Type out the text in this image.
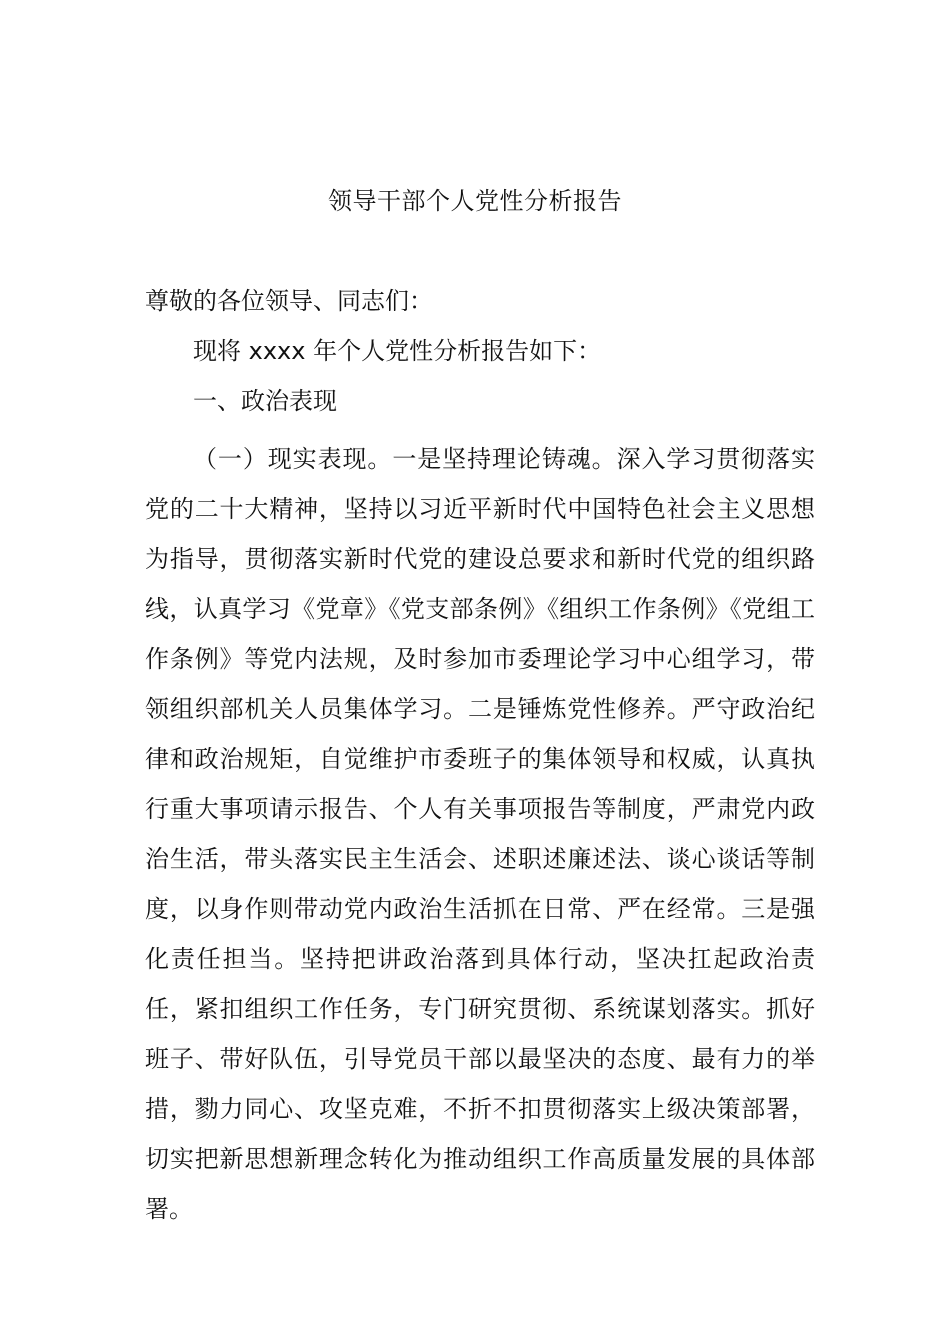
领导干部个人党性分析报告
尊敬的各位领导、同志们：
现将 xxxx 年个人党性分析报告如下：
一、政治表现

（一）现实表现。一是坚持理论铸魂。深入学习贯彻落实党的二十大精神，坚持以习近平新时代中国特色社会主义思想为指导，贯彻落实新时代党的建设总要求和新时代党的组织路线，认真学习《党章》《党支部条例》《组织工作条例》《党组工作条例》等党内法规，及时参加市委理论学习中心组学习，带领组织部机关人员集体学习。二是锤炼党性修养。严守政治纪律和政治规矩，自觉维护市委班子的集体领导和权威，认真执行重大事项请示报告、个人有关事项报告等制度，严肃党内政治生活，带头落实民主生活会、述职述廉述法、谈心谈话等制度，以身作则带动党内政治生活抓在日常、严在经常。三是强化责任担当。坚持把讲政治落到具体行动，坚决扛起政治责任，紧扣组织工作任务，专门研究贯彻、系统谋划落实。抓好班子、带好队伍，引导党员干部以最坚决的态度、最有力的举措，勠力同心、攻坚克难，不折不扣贯彻落实上级决策部署，切实把新思想新理念转化为推动组织工作高质量发展的具体部署。
